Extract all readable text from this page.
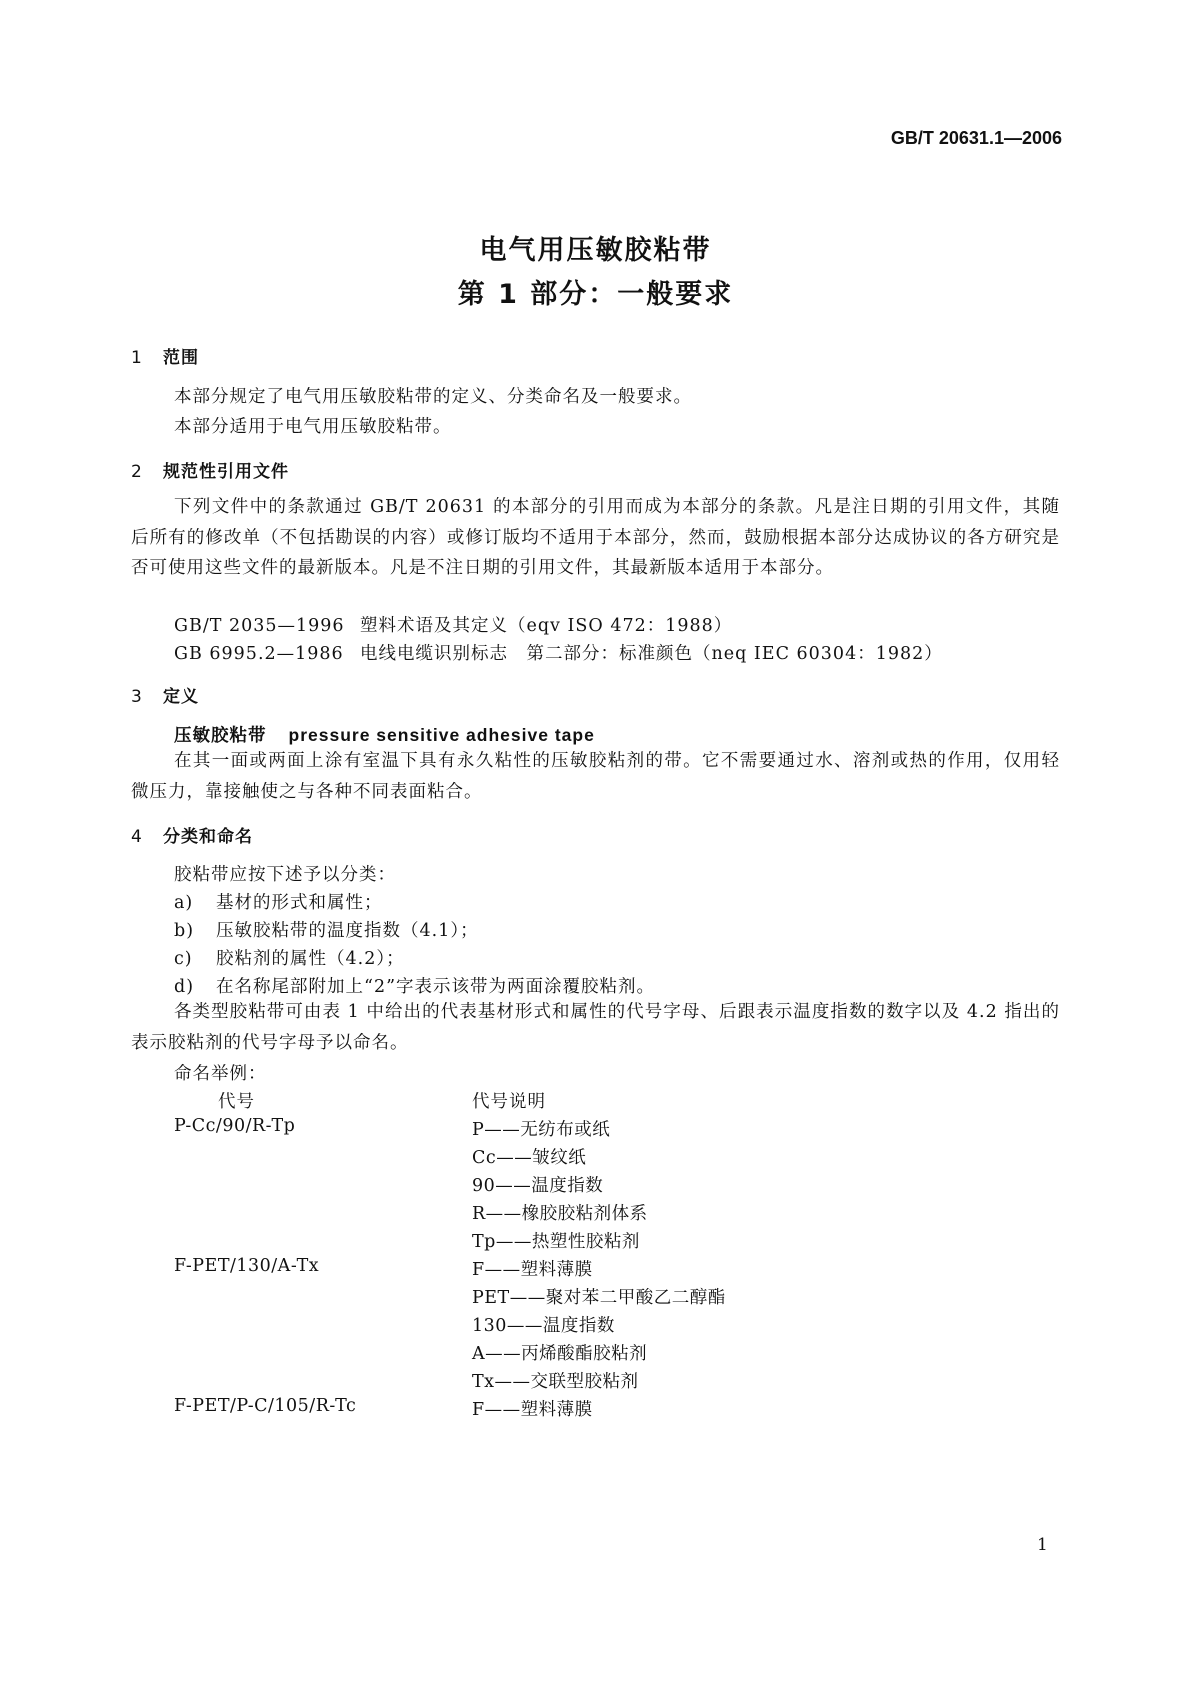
GB/T 20631.1—2006
电气用压敏胶粘带
第 1 部分：一般要求
1 范围
本部分规定了电气用压敏胶粘带的定义、分类命名及一般要求。
本部分适用于电气用压敏胶粘带。
2 规范性引用文件
下列文件中的条款通过 GB/T 20631 的本部分的引用而成为本部分的条款。凡是注日期的引用文件，其随后所有的修改单（不包括勘误的内容）或修订版均不适用于本部分，然而，鼓励根据本部分达成协议的各方研究是否可使用这些文件的最新版本。凡是不注日期的引用文件，其最新版本适用于本部分。
GB/T 2035—1996 塑料术语及其定义（eqv ISO 472：1988）
GB 6995.2—1986 电线电缆识别标志　第二部分：标准颜色（neq IEC 60304：1982）
3 定义
压敏胶粘带 pressure sensitive adhesive tape
在其一面或两面上涂有室温下具有永久粘性的压敏胶粘剂的带。它不需要通过水、溶剂或热的作用，仅用轻微压力，靠接触使之与各种不同表面粘合。
4 分类和命名
胶粘带应按下述予以分类：
a) 基材的形式和属性；
b) 压敏胶粘带的温度指数（4.1）；
c) 胶粘剂的属性（4.2）；
d) 在名称尾部附加上“2”字表示该带为两面涂覆胶粘剂。
各类型胶粘带可由表 1 中给出的代表基材形式和属性的代号字母、后跟表示温度指数的数字以及 4.2 指出的表示胶粘剂的代号字母予以命名。
命名举例：
代号	代号说明
P-Cc/90/R-Tp	P——无纺布或纸
Cc——皱纹纸
90——温度指数
R——橡胶胶粘剂体系
Tp——热塑性胶粘剂
F-PET/130/A-Tx	F——塑料薄膜
PET——聚对苯二甲酸乙二醇酯
130——温度指数
A——丙烯酸酯胶粘剂
Tx——交联型胶粘剂
F-PET/P-C/105/R-Tc	F——塑料薄膜
1
